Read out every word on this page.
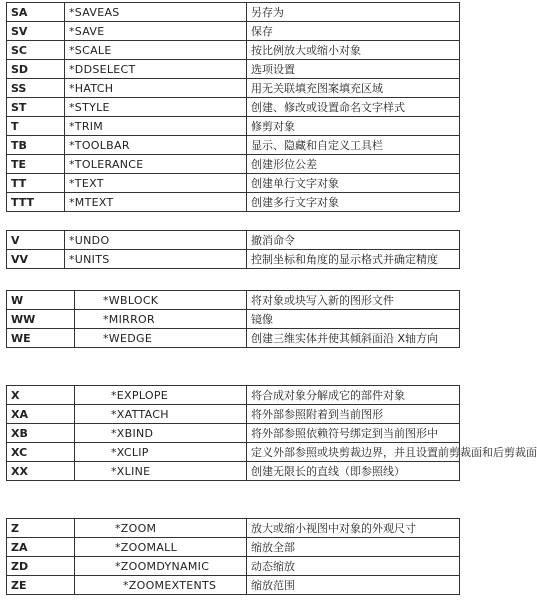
SA	*SAVEAS	另存为
SV	*SAVE	保存
SC	*SCALE	按比例放大或缩小对象
SD	*DDSELECT	选项设置
SS	*HATCH	用无关联填充图案填充区域
ST	*STYLE	创建、修改或设置命名文字样式
T	*TRIM	修剪对象
TB	*TOOLBAR	显示、隐藏和自定义工具栏
TE	*TOLERANCE	创建形位公差
TT	*TEXT	创建单行文字对象
TTT	*MTEXT	创建多行文字对象
V	*UNDO	撤消命令
VV	*UNITS	控制坐标和角度的显示格式并确定精度
W	*WBLOCK	将对象或块写入新的图形文件
WW	*MIRROR	镜像
WE	*WEDGE	创建三维实体并使其倾斜面沿 X轴方向
X	*EXPLOPE	将合成对象分解成它的部件对象
XA	*XATTACH	将外部参照附着到当前图形
XB	*XBIND	将外部参照依赖符号绑定到当前图形中
XC	*XCLIP	定义外部参照或块剪裁边界，并且设置前剪裁面和后剪裁面
XX	*XLINE	创建无限长的直线（即参照线）
Z	*ZOOM	放大或缩小视图中对象的外观尺寸
ZA	*ZOOMALL	缩放全部
ZD	*ZOOMDYNAMIC	动态缩放
ZE	*ZOOMEXTENTS	缩放范围
